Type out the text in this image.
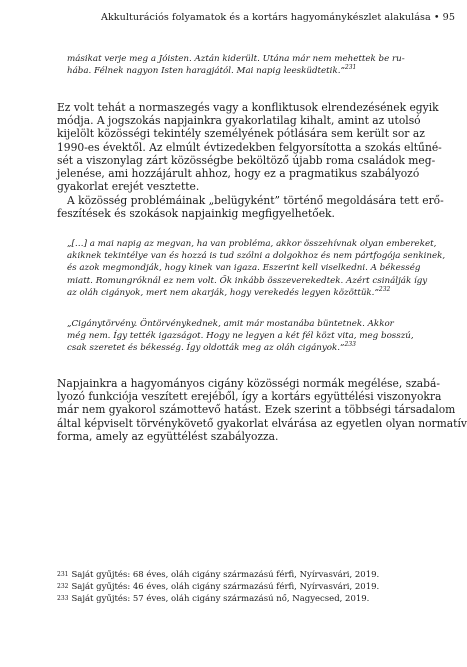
Akkulturációs folyamatok és a kortárs hagyománykészlet alakulása • 95
másikat verje meg a Jóisten. Aztán kiderült. Utána már nem mehettek be ru-
hába. Félnek nagyon Isten haragjától. Mai napig leesküdtetik.”$^{231}$
Ez volt tehát a normaszegés vagy a konfliktusok elrendezésének egyik
módja. A jogszokás napjainkra gyakorlatilag kihalt, amint az utolsó
kijelölt közösségi tekintély személyének pótlására sem került sor az
1990-es évektől. Az elmúlt évtizedekben felgyorsította a szokás eltűné-
sét a viszonylag zárt közösségbe beköltöző újabb roma családok meg-
jelenése, ami hozzájárult ahhoz, hogy ez a pragmatikus szabályozó
gyakorlat erejét vesztette.
A közösség problémáinak „belügyként” történő megoldására tett erő-
feszítések és szokások napjainkig megfigyelhetőek.
„[…] a mai napig az megvan, ha van probléma, akkor összehívnak olyan embereket,
akiknek tekintélye van és hozzá is tud szólni a dolgokhoz és nem pártfogója senkinek,
és azok megmondják, hogy kinek van igaza. Eszerint kell viselkedni. A békesség
miatt. Romungróknál ez nem volt. Ők inkább összeverekedtek. Azért csinálják így
az oláh cigányok, mert nem akarják, hogy verekedés legyen közöttük.”$^{232}$
„Cigánytörvény. Öntörvénykednek, amit már mostanába büntetnek. Akkor
még nem. Így tették igazságot. Hogy ne legyen a két fél közt vita, meg bosszú,
csak szeretet és békesség. Így oldották meg az oláh cigányok.”$^{233}$
Napjainkra a hagyományos cigány közösségi normák megélése, szabá-
lyozó funkciója veszített erejéből, így a kortárs együttélési viszonyokra
már nem gyakorol számottevő hatást. Ezek szerint a többségi társadalom
által képviselt törvénykövető gyakorlat elvárása az egyetlen olyan normatív
forma, amely az együttélést szabályozza.
$^{231}$ Saját gyűjtés: 68 éves, oláh cigány származású férfi, Nyírvasvári, 2019.
$^{232}$ Saját gyűjtés: 46 éves, oláh cigány származású férfi, Nyírvasvári, 2019.
$^{233}$ Saját gyűjtés: 57 éves, oláh cigány származású nő, Nagyecsed, 2019.
